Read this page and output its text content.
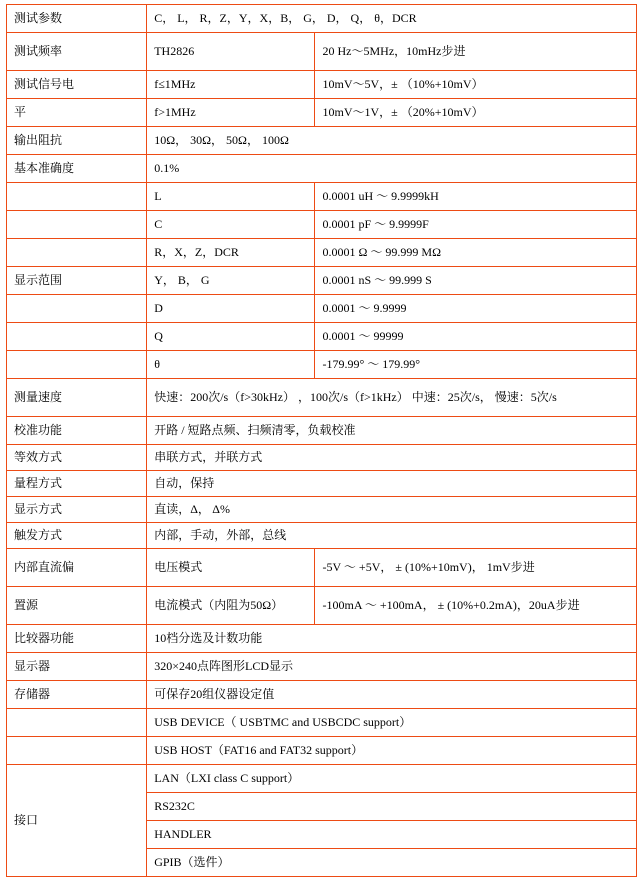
测试参数	C， L， R，Z，Y，X，B， G， D， Q， θ，DCR	
测试频率	TH2826	20 Hz～5MHz，10mHz步进
测试信号电	f≤1MHz	10mV～5V，± （10%+10mV）
平	f>1MHz	10mV～1V，± （20%+10mV）
输出阻抗	10Ω， 30Ω， 50Ω， 100Ω	
基本准确度	0.1%	
	L	0.0001 uH ～ 9.9999kH
	C	0.0001 pF ～ 9.9999F
	R，X，Z，DCR	0.0001 Ω ～ 99.999 MΩ
显示范围	Y， B， G	0.0001 nS ～ 99.999 S
	D	0.0001 ～ 9.9999
	Q	0.0001 ～ 99999
	θ	-179.99° ～ 179.99°
测量速度	快速：200次/s（f>30kHz） ，100次/s（f>1kHz） 中速：25次/s， 慢速：5次/s	
校准功能	开路 / 短路点频、扫频清零，负载校准	
等效方式	串联方式，并联方式	
量程方式	自动，保持	
显示方式	直读，Δ， Δ%	
触发方式	内部，手动，外部，总线	
内部直流偏	电压模式	-5V ～ +5V， ± (10%+10mV)， 1mV步进
置源	电流模式（内阻为50Ω）	-100mA ～ +100mA， ± (10%+0.2mA)，20uA步进
比较器功能	10档分选及计数功能	
显示器	320×240点阵图形LCD显示	
存储器	可保存20组仪器设定值	
	USB DEVICE（ USBTMC and USBCDC support）	
	USB HOST（FAT16 and FAT32 support）	
接口	LAN（LXI class C support）	
	RS232C	
	HANDLER	
	GPIB（选件）	
